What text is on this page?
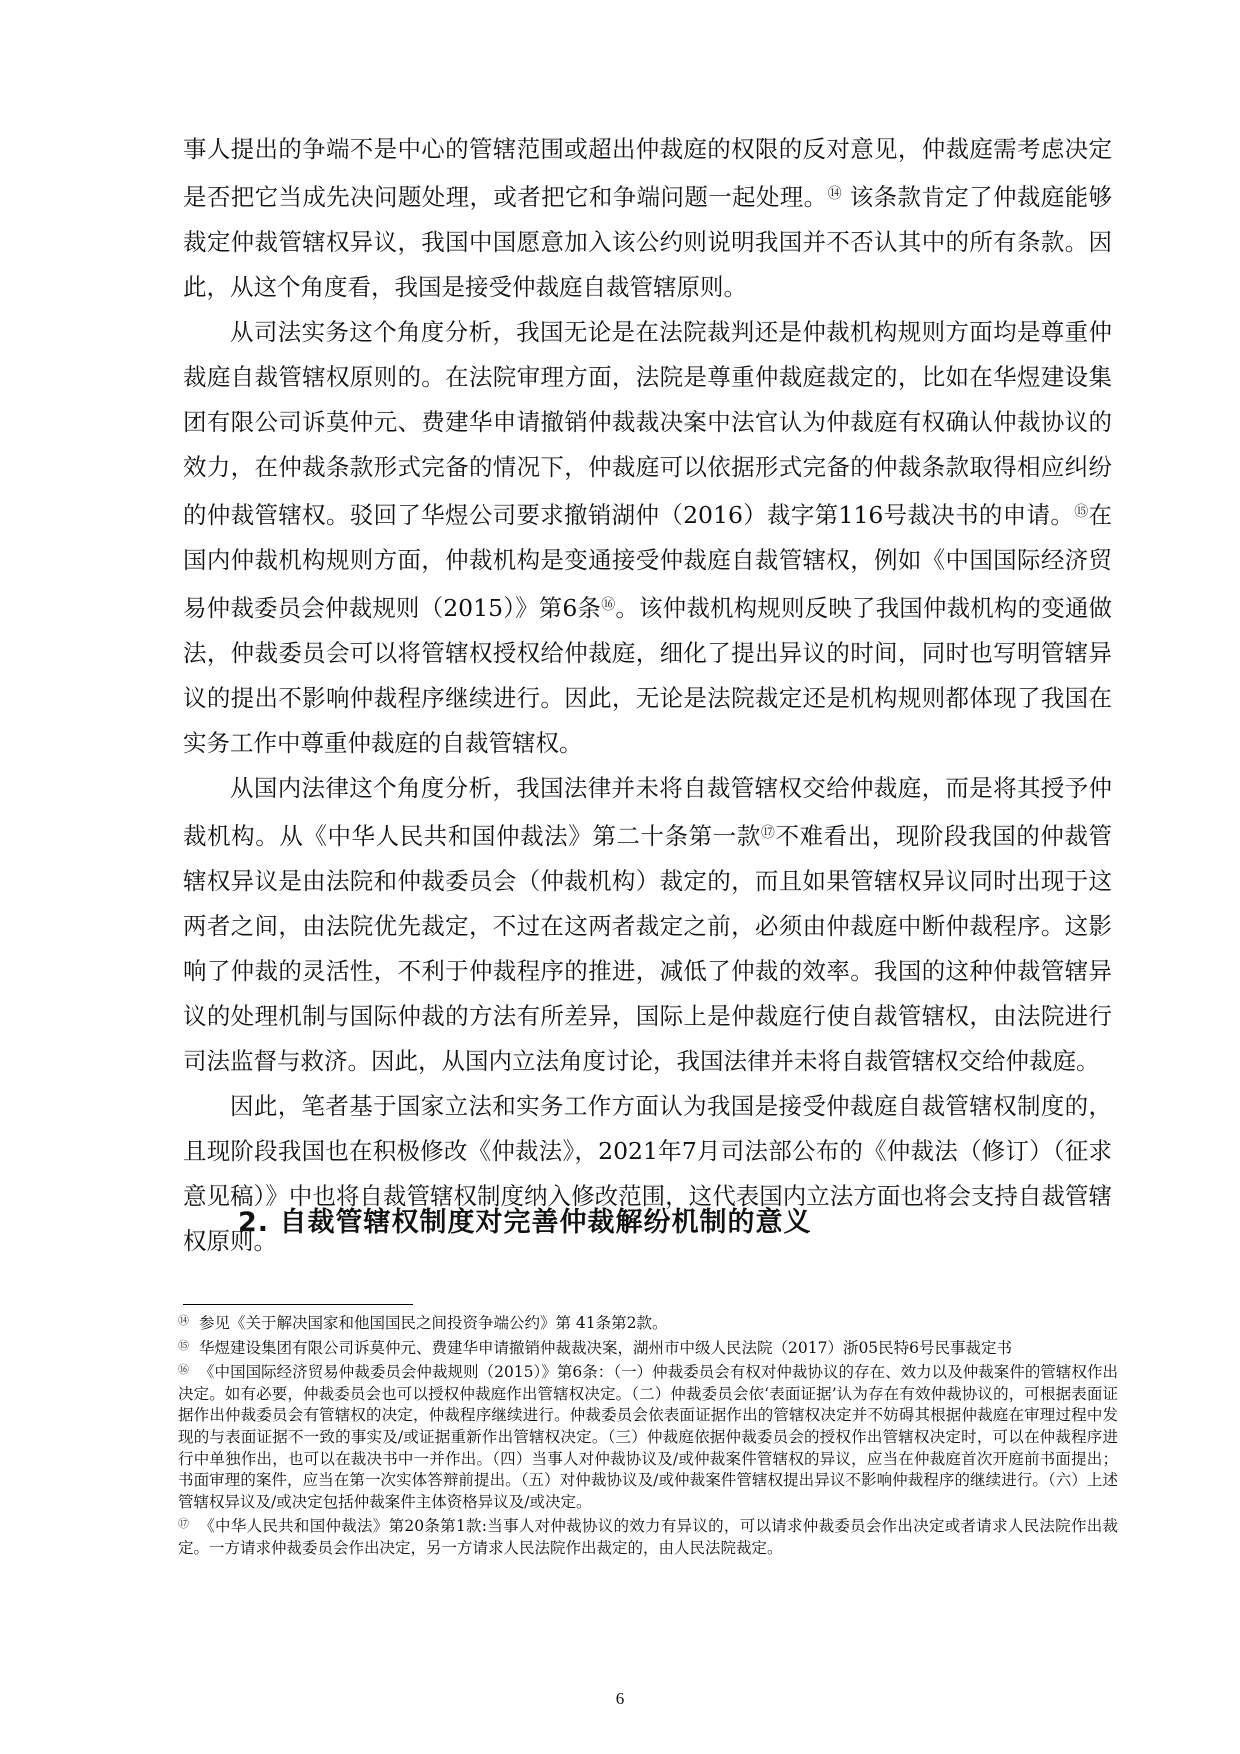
事人提出的争端不是中心的管辖范围或超出仲裁庭的权限的反对意见，仲裁庭需考虑决定是否把它当成先决问题处理，或者把它和争端问题一起处理。⑭ 该条款肯定了仲裁庭能够裁定仲裁管辖权异议，我国中国愿意加入该公约则说明我国并不否认其中的所有条款。因此，从这个角度看，我国是接受仲裁庭自裁管辖原则。

从司法实务这个角度分析，我国无论是在法院裁判还是仲裁机构规则方面均是尊重仲裁庭自裁管辖权原则的。在法院审理方面，法院是尊重仲裁庭裁定的，比如在华煜建设集团有限公司诉莫仲元、费建华申请撤销仲裁裁决案中法官认为仲裁庭有权确认仲裁协议的效力，在仲裁条款形式完备的情况下，仲裁庭可以依据形式完备的仲裁条款取得相应纠纷的仲裁管辖权。驳回了华煜公司要求撤销湖仲（2016）裁字第116号裁决书的申请。⑮在国内仲裁机构规则方面，仲裁机构是变通接受仲裁庭自裁管辖权，例如《中国国际经济贸易仲裁委员会仲裁规则（2015）》第6条⑯。该仲裁机构规则反映了我国仲裁机构的变通做法，仲裁委员会可以将管辖权授权给仲裁庭，细化了提出异议的时间，同时也写明管辖异议的提出不影响仲裁程序继续进行。因此，无论是法院裁定还是机构规则都体现了我国在实务工作中尊重仲裁庭的自裁管辖权。

从国内法律这个角度分析，我国法律并未将自裁管辖权交给仲裁庭，而是将其授予仲裁机构。从《中华人民共和国仲裁法》第二十条第一款⑰不难看出，现阶段我国的仲裁管辖权异议是由法院和仲裁委员会（仲裁机构）裁定的，而且如果管辖权异议同时出现于这两者之间，由法院优先裁定，不过在这两者裁定之前，必须由仲裁庭中断仲裁程序。这影响了仲裁的灵活性，不利于仲裁程序的推进，减低了仲裁的效率。我国的这种仲裁管辖异议的处理机制与国际仲裁的方法有所差异，国际上是仲裁庭行使自裁管辖权，由法院进行司法监督与救济。因此，从国内立法角度讨论，我国法律并未将自裁管辖权交给仲裁庭。

因此，笔者基于国家立法和实务工作方面认为我国是接受仲裁庭自裁管辖权制度的，且现阶段我国也在积极修改《仲裁法》，2021年7月司法部公布的《仲裁法（修订）（征求意见稿）》中也将自裁管辖权制度纳入修改范围，这代表国内立法方面也将会支持自裁管辖权原则。

2. 自裁管辖权制度对完善仲裁解纷机制的意义

⑭ 参见《关于解决国家和他国国民之间投资争端公约》第 41条第2款。

⑮ 华煜建设集团有限公司诉莫仲元、费建华申请撤销仲裁裁决案，湖州市中级人民法院（2017）浙05民特6号民事裁定书

⑯ 《中国国际经济贸易仲裁委员会仲裁规则（2015）》第6条：（一）仲裁委员会有权对仲裁协议的存在、效力以及仲裁案件的管辖权作出决定。如有必要，仲裁委员会也可以授权仲裁庭作出管辖权决定。（二）仲裁委员会依‘表面证据’认为存在有效仲裁协议的，可根据表面证据作出仲裁委员会有管辖权的决定，仲裁程序继续进行。仲裁委员会依表面证据作出的管辖权决定并不妨碍其根据仲裁庭在审理过程中发现的与表面证据不一致的事实及/或证据重新作出管辖权决定。（三）仲裁庭依据仲裁委员会的授权作出管辖权决定时，可以在仲裁程序进行中单独作出，也可以在裁决书中一并作出。（四）当事人对仲裁协议及/或仲裁案件管辖权的异议，应当在仲裁庭首次开庭前书面提出；书面审理的案件，应当在第一次实体答辩前提出。（五）对仲裁协议及/或仲裁案件管辖权提出异议不影响仲裁程序的继续进行。（六）上述管辖权异议及/或决定包括仲裁案件主体资格异议及/或决定。

⑰ 《中华人民共和国仲裁法》第20条第1款:当事人对仲裁协议的效力有异议的，可以请求仲裁委员会作出决定或者请求人民法院作出裁定。一方请求仲裁委员会作出决定，另一方请求人民法院作出裁定的，由人民法院裁定。

6
